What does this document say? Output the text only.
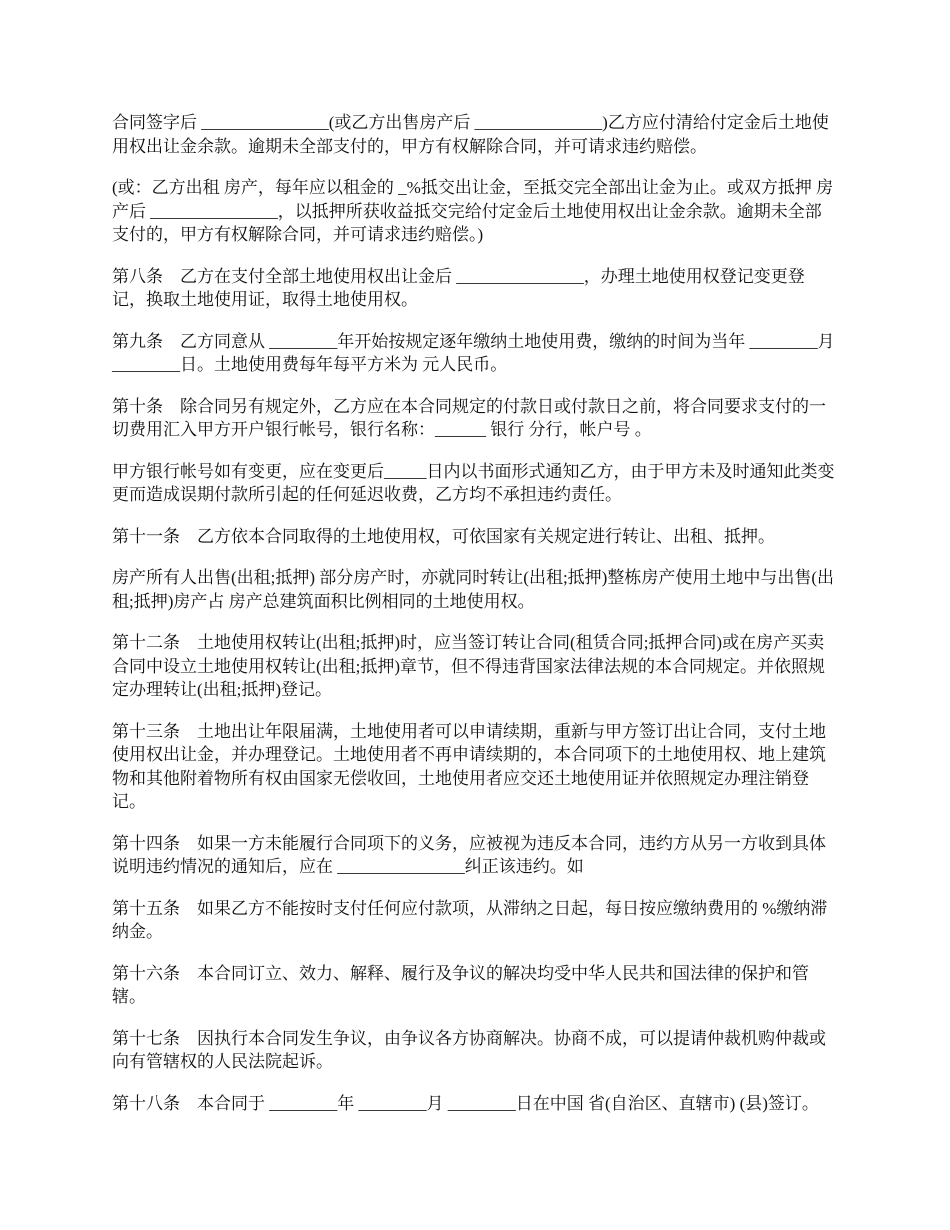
合同签字后 _______________(或乙方出售房产后 _______________)乙方应付清给付定金后土地使用权出让金余款。逾期未全部支付的，甲方有权解除合同，并可请求违约赔偿。

(或：乙方出租 房产，每年应以租金的 _%抵交出让金，至抵交完全部出让金为止。或双方抵押 房产后 _______________，以抵押所获收益抵交完给付定金后土地使用权出让金余款。逾期未全部支付的，甲方有权解除合同，并可请求违约赔偿。)

第八条　乙方在支付全部土地使用权出让金后 _______________，办理土地使用权登记变更登记，换取土地使用证，取得土地使用权。

第九条　乙方同意从 ________年开始按规定逐年缴纳土地使用费，缴纳的时间为当年 ________月 ________日。土地使用费每年每平方米为 元人民币。

第十条　除合同另有规定外，乙方应在本合同规定的付款日或付款日之前，将合同要求支付的一切费用汇入甲方开户银行帐号，银行名称：______ 银行 分行，帐户号 。

甲方银行帐号如有变更，应在变更后_____日内以书面形式通知乙方，由于甲方未及时通知此类变更而造成误期付款所引起的任何延迟收费，乙方均不承担违约责任。

第十一条　乙方依本合同取得的土地使用权，可依国家有关规定进行转让、出租、抵押。

房产所有人出售(出租;抵押) 部分房产时，亦就同时转让(出租;抵押)整栋房产使用土地中与出售(出租;抵押)房产占 房产总建筑面积比例相同的土地使用权。

第十二条　土地使用权转让(出租;抵押)时，应当签订转让合同(租赁合同;抵押合同)或在房产买卖合同中设立土地使用权转让(出租;抵押)章节，但不得违背国家法律法规的本合同规定。并依照规定办理转让(出租;抵押)登记。

第十三条　土地出让年限届满，土地使用者可以申请续期，重新与甲方签订出让合同，支付土地使用权出让金，并办理登记。土地使用者不再申请续期的，本合同项下的土地使用权、地上建筑物和其他附着物所有权由国家无偿收回，土地使用者应交还土地使用证并依照规定办理注销登记。

第十四条　如果一方未能履行合同项下的义务，应被视为违反本合同，违约方从另一方收到具体说明违约情况的通知后，应在 _______________纠正该违约。如

第十五条　如果乙方不能按时支付任何应付款项，从滞纳之日起，每日按应缴纳费用的 %缴纳滞纳金。

第十六条　本合同订立、效力、解释、履行及争议的解决均受中华人民共和国法律的保护和管辖。

第十七条　因执行本合同发生争议，由争议各方协商解决。协商不成，可以提请仲裁机购仲裁或向有管辖权的人民法院起诉。

第十八条　本合同于 ________年 ________月 ________日在中国 省(自治区、直辖市) (县)签订。
